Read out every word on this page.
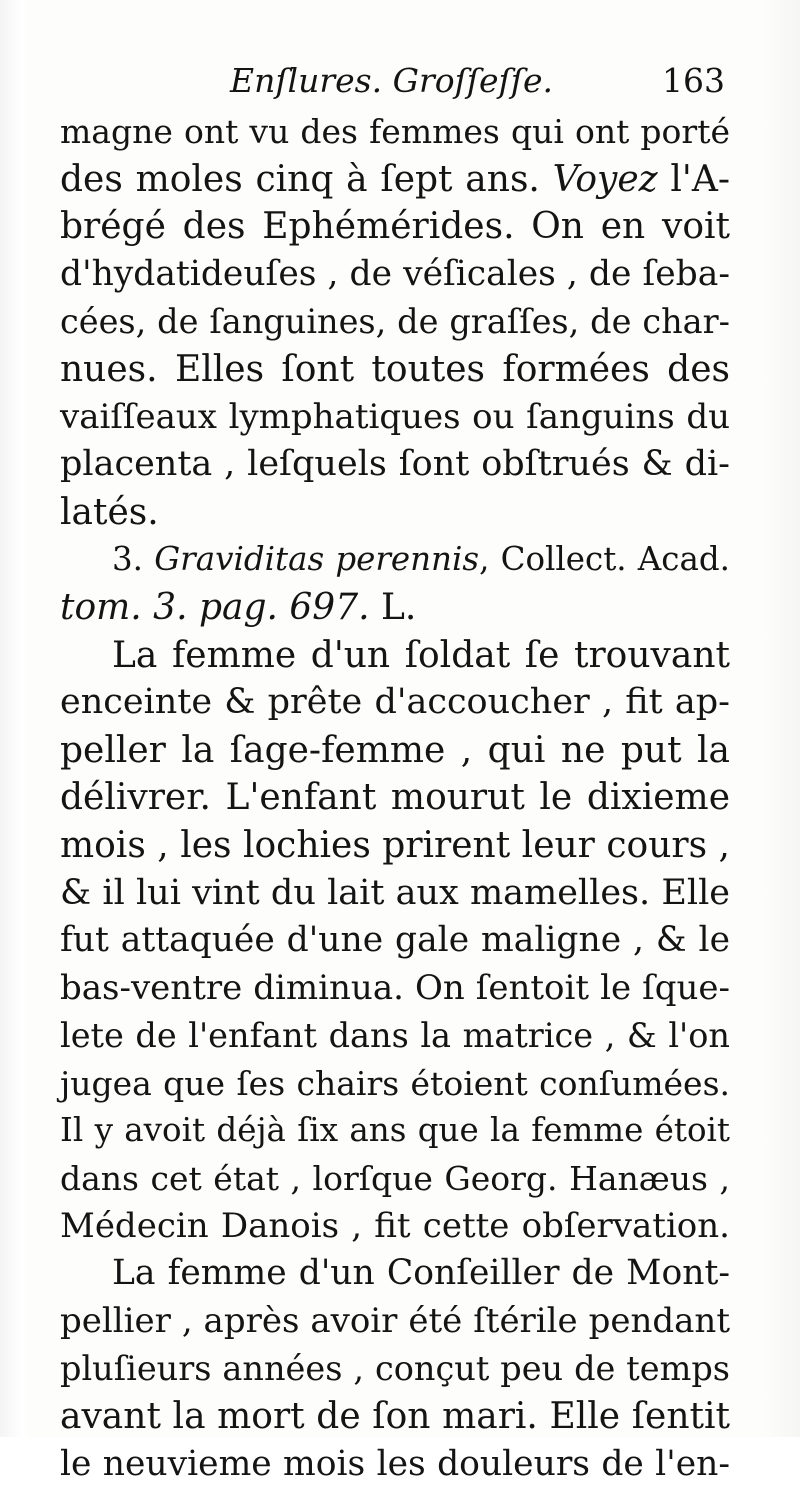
Enſlures. Groſſeſſe.	163
magne ont vu des femmes qui ont porté
des moles cinq à ſept ans. Voyez l'A-
brégé des Ephémérides. On en voit
d'hydatideuſes , de véſicales , de ſeba-
cées, de ſanguines, de graſſes, de char-
nues. Elles ſont toutes formées des
vaiſſeaux lymphatiques ou ſanguins du
placenta , leſquels ſont obſtrués & di-
latés.
3. Graviditas perennis, Collect. Acad.
tom. 3. pag. 697. L.
La femme d'un ſoldat ſe trouvant
enceinte & prête d'accoucher , fit ap-
peller la ſage-femme , qui ne put la
délivrer. L'enfant mourut le dixieme
mois , les lochies prirent leur cours ,
& il lui vint du lait aux mamelles. Elle
fut attaquée d'une gale maligne , & le
bas-ventre diminua. On ſentoit le ſque-
lete de l'enfant dans la matrice , & l'on
jugea que ſes chairs étoient conſumées.
Il y avoit déjà ſix ans que la femme étoit
dans cet état , lorſque Georg. Hanæus ,
Médecin Danois , fit cette obſervation.
La femme d'un Conſeiller de Mont-
pellier , après avoir été ſtérile pendant
pluſieurs années , conçut peu de temps
avant la mort de ſon mari. Elle ſentit
le neuvieme mois les douleurs de l'en-
